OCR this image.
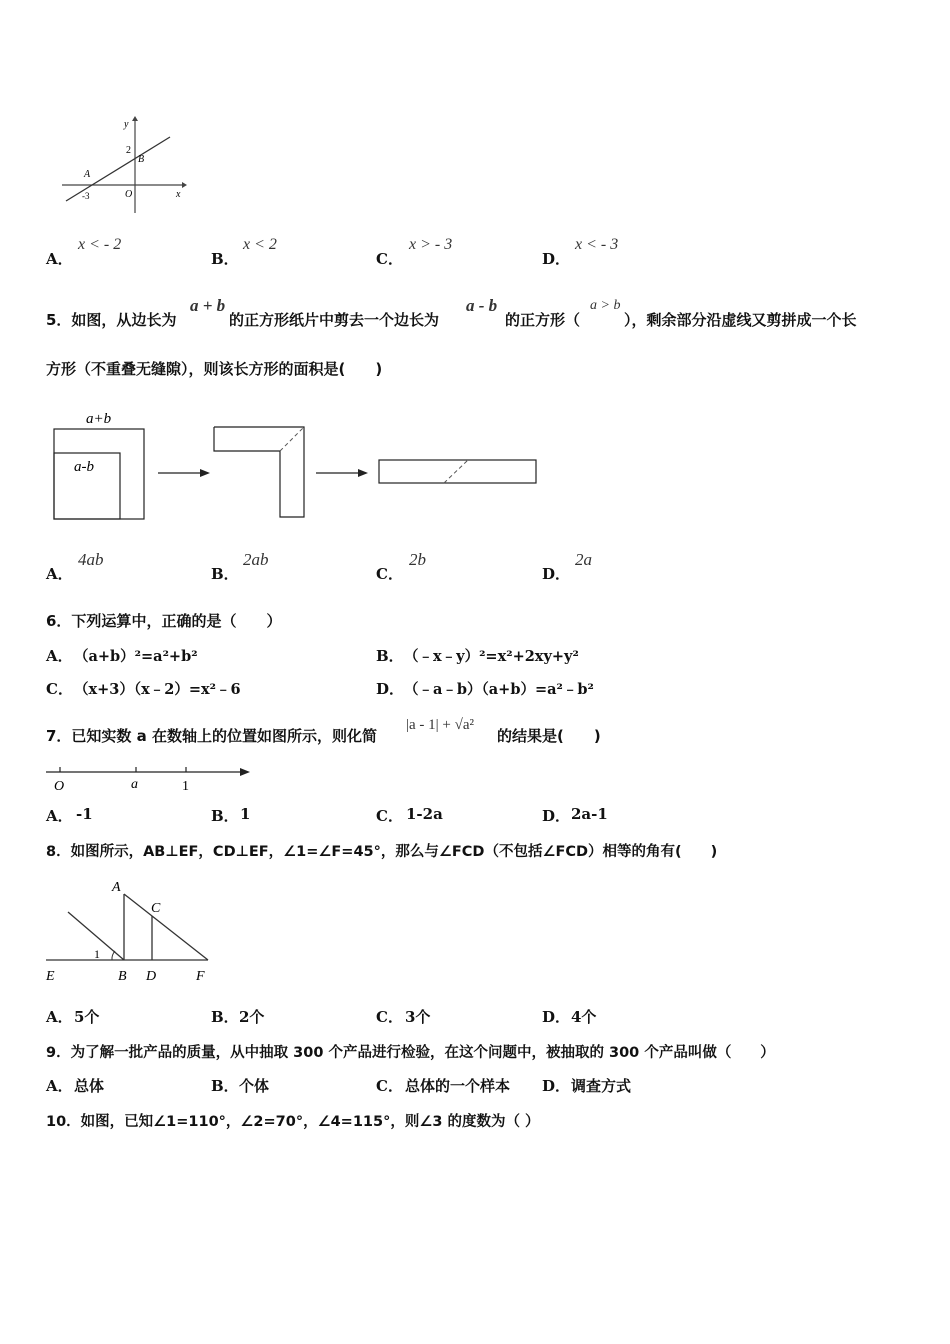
y
x
2
B
A
-3	O
A．
x < - 2
B．
x < 2
C．
x > - 3
D．
x < - 3
5．如图，从边长为
a + b
的正方形纸片中剪去一个边长为
a - b
的正方形（
a > b
），剩余部分沿虚线又剪拼成一个长
方形（不重叠无缝隙），则该长方形的面积是(　　)
a+b
a-b
A．
4ab
B．
2ab
C．
2b
D．
2a
6．下列运算中，正确的是（　　）
A． （a+b）²=a²+b²	B． （﹣x﹣y）²=x²+2xy+y²
C． （x+3）（x﹣2）=x²﹣6	D． （﹣a﹣b）（a+b）=a²﹣b²
7．已知实数 a 在数轴上的位置如图所示，则化简
|a - 1| + √a²
的结果是(　　)
O	a	1
A． -1	B． 1	C． 1-2a	D． 2a-1
8．如图所示，AB⊥EF，CD⊥EF，∠1=∠F=45°，那么与∠FCD（不包括∠FCD）相等的角有(　　)
A
C
1
E	B D	F
A． 5个	B． 2个	C． 3个	D． 4个
9．为了解一批产品的质量，从中抽取 300 个产品进行检验，在这个问题中，被抽取的 300 个产品叫做（　　）
A． 总体	B． 个体	C． 总体的一个样本 D． 调查方式
10．如图，已知∠1=110°，∠2=70°，∠4=115°，则∠3 的度数为（ ）
